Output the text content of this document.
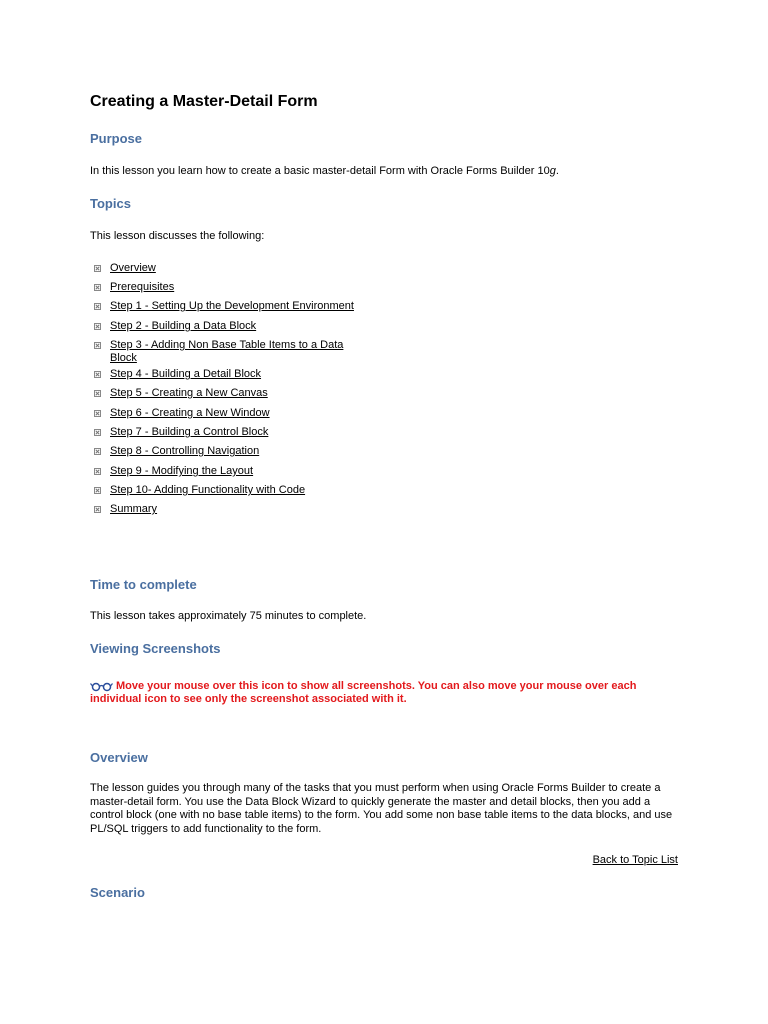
Creating a Master-Detail Form
Purpose
In this lesson you learn how to create a basic master-detail Form with Oracle Forms Builder 10g.
Topics
This lesson discusses the following:
Overview
Prerequisites
Step 1 - Setting Up the Development Environment
Step 2 - Building a Data Block
Step 3 - Adding Non Base Table Items to a Data Block
Step 4 - Building a Detail Block
Step 5 - Creating a New Canvas
Step 6 - Creating a New Window
Step 7 - Building a Control Block
Step 8 - Controlling Navigation
Step 9 - Modifying the Layout
Step 10- Adding Functionality with Code
Summary
Time to complete
This lesson takes approximately 75 minutes to complete.
Viewing Screenshots
Move your mouse over this icon to show all screenshots. You can also move your mouse over each individual icon to see only the screenshot associated with it.
Overview
The lesson guides you through many of the tasks that you must perform when using Oracle Forms Builder to create a master-detail form. You use the Data Block Wizard to quickly generate the master and detail blocks, then you add a control block (one with no base table items) to the form. You add some non base table items to the data blocks, and use PL/SQL triggers to add functionality to the form.
Back to Topic List
Scenario
